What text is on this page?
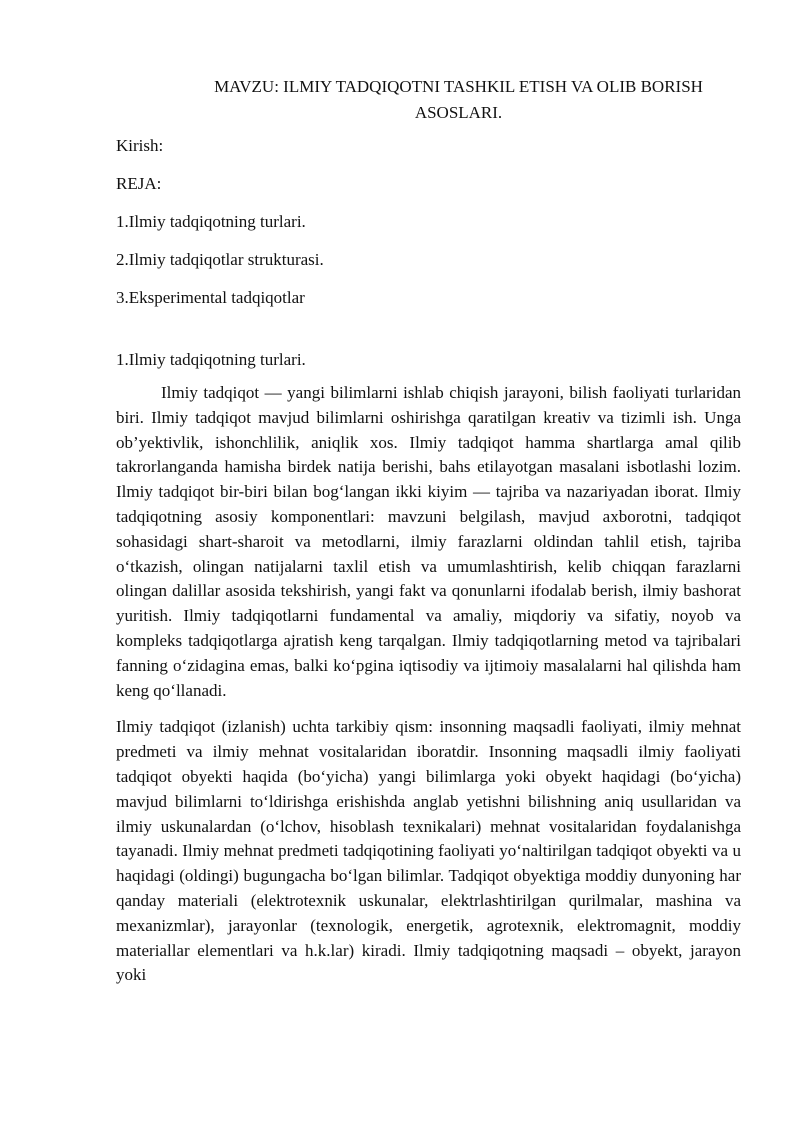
MAVZU: ILMIY TADQIQOTNI TASHKIL ETISH VA OLIB BORISH ASOSLARI.

Kirish:

REJA:

1.Ilmiy tadqiqotning turlari.

2.Ilmiy tadqiqotlar strukturasi.

3.Eksperimental tadqiqotlar

1.Ilmiy tadqiqotning turlari.

Ilmiy tadqiqot — yangi bilimlarni ishlab chiqish jarayoni, bilish faoliyati turlaridan biri. Ilmiy tadqiqot mavjud bilimlarni oshirishga qaratilgan kreativ va tizimli ish. Unga ob’yektivlik, ishonchlilik, aniqlik xos. Ilmiy tadqiqot hamma shartlarga amal qilib takrorlanganda hamisha birdek natija berishi, bahs etilayotgan masalani isbotlashi lozim. Ilmiy tadqiqot bir-biri bilan bog‘langan ikki kiyim — tajriba va nazariyadan iborat. Ilmiy tadqiqotning asosiy komponentlari: mavzuni belgilash, mavjud axborotni, tadqiqot sohasidagi shart-sharoit va metodlarni, ilmiy farazlarni oldindan tahlil etish, tajriba o‘tkazish, olingan natijalarni taxlil etish va umumlashtirish, kelib chiqqan farazlarni olingan dalillar asosida tekshirish, yangi fakt va qonunlarni ifodalab berish, ilmiy bashorat yuritish. Ilmiy tadqiqotlarni fundamental va amaliy, miqdoriy va sifatiy, noyob va kompleks tadqiqotlarga ajratish keng tarqalgan. Ilmiy tadqiqotlarning metod va tajribalari fanning o‘zidagina emas, balki ko‘pgina iqtisodiy va ijtimoiy masalalarni hal qilishda ham keng qo‘llanadi.

Ilmiy tadqiqot (izlanish) uchta tarkibiy qism: insonning maqsadli faoliyati, ilmiy mehnat predmeti va ilmiy mehnat vositalaridan iboratdir. Insonning maqsadli ilmiy faoliyati tadqiqot obyekti haqida (bo‘yicha) yangi bilimlarga yoki obyekt haqidagi (bo‘yicha) mavjud bilimlarni to‘ldirishga erishishda anglab yetishni bilishning aniq usullaridan va ilmiy uskunalardan (o‘lchov, hisoblash texnikalari) mehnat vositalaridan foydalanishga tayanadi. Ilmiy mehnat predmeti tadqiqotining faoliyati yo‘naltirilgan tadqiqot obyekti va u haqidagi (oldingi) bugungacha bo‘lgan bilimlar. Tadqiqot obyektiga moddiy dunyoning har qanday materiali (elektrotexnik uskunalar, elektrlashtirilgan qurilmalar, mashina va mexanizmlar), jarayonlar (texnologik, energetik, agrotexnik, elektromagnit, moddiy materiallar elementlari va h.k.lar) kiradi. Ilmiy tadqiqotning maqsadi – obyekt, jarayon yoki
